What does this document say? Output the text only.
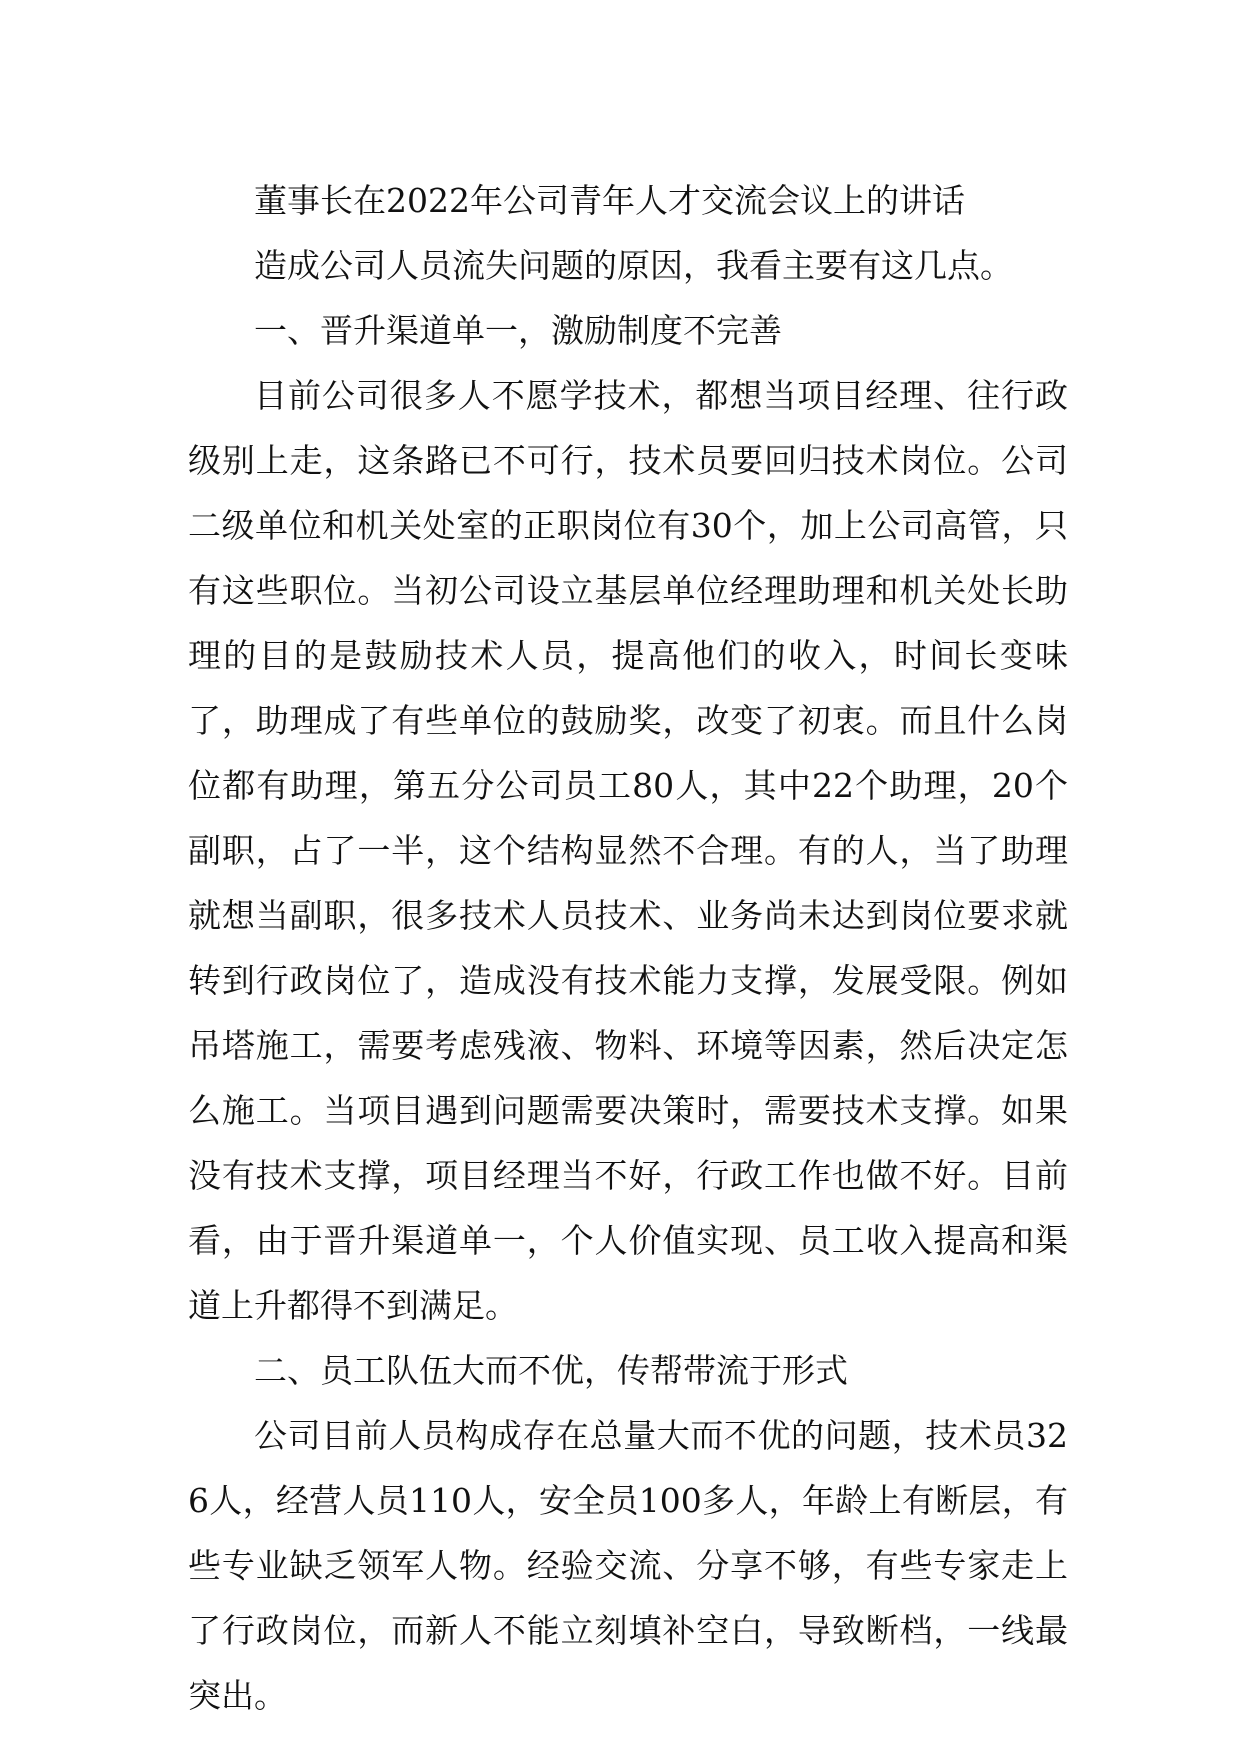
董事长在2022年公司青年人才交流会议上的讲话

造成公司人员流失问题的原因，我看主要有这几点。

一、晋升渠道单一，激励制度不完善

目前公司很多人不愿学技术，都想当项目经理、往行政级别上走，这条路已不可行，技术员要回归技术岗位。公司二级单位和机关处室的正职岗位有30个，加上公司高管，只有这些职位。当初公司设立基层单位经理助理和机关处长助理的目的是鼓励技术人员，提高他们的收入，时间长变味了，助理成了有些单位的鼓励奖，改变了初衷。而且什么岗位都有助理，第五分公司员工80人，其中22个助理，20个副职，占了一半，这个结构显然不合理。有的人，当了助理就想当副职，很多技术人员技术、业务尚未达到岗位要求就转到行政岗位了，造成没有技术能力支撑，发展受限。例如吊塔施工，需要考虑残液、物料、环境等因素，然后决定怎么施工。当项目遇到问题需要决策时，需要技术支撑。如果没有技术支撑，项目经理当不好，行政工作也做不好。目前看，由于晋升渠道单一，个人价值实现、员工收入提高和渠道上升都得不到满足。

二、员工队伍大而不优，传帮带流于形式

公司目前人员构成存在总量大而不优的问题，技术员326人，经营人员110人，安全员100多人，年龄上有断层，有些专业缺乏领军人物。经验交流、分享不够，有些专家走上了行政岗位，而新人不能立刻填补空白，导致断档，一线最突出。
